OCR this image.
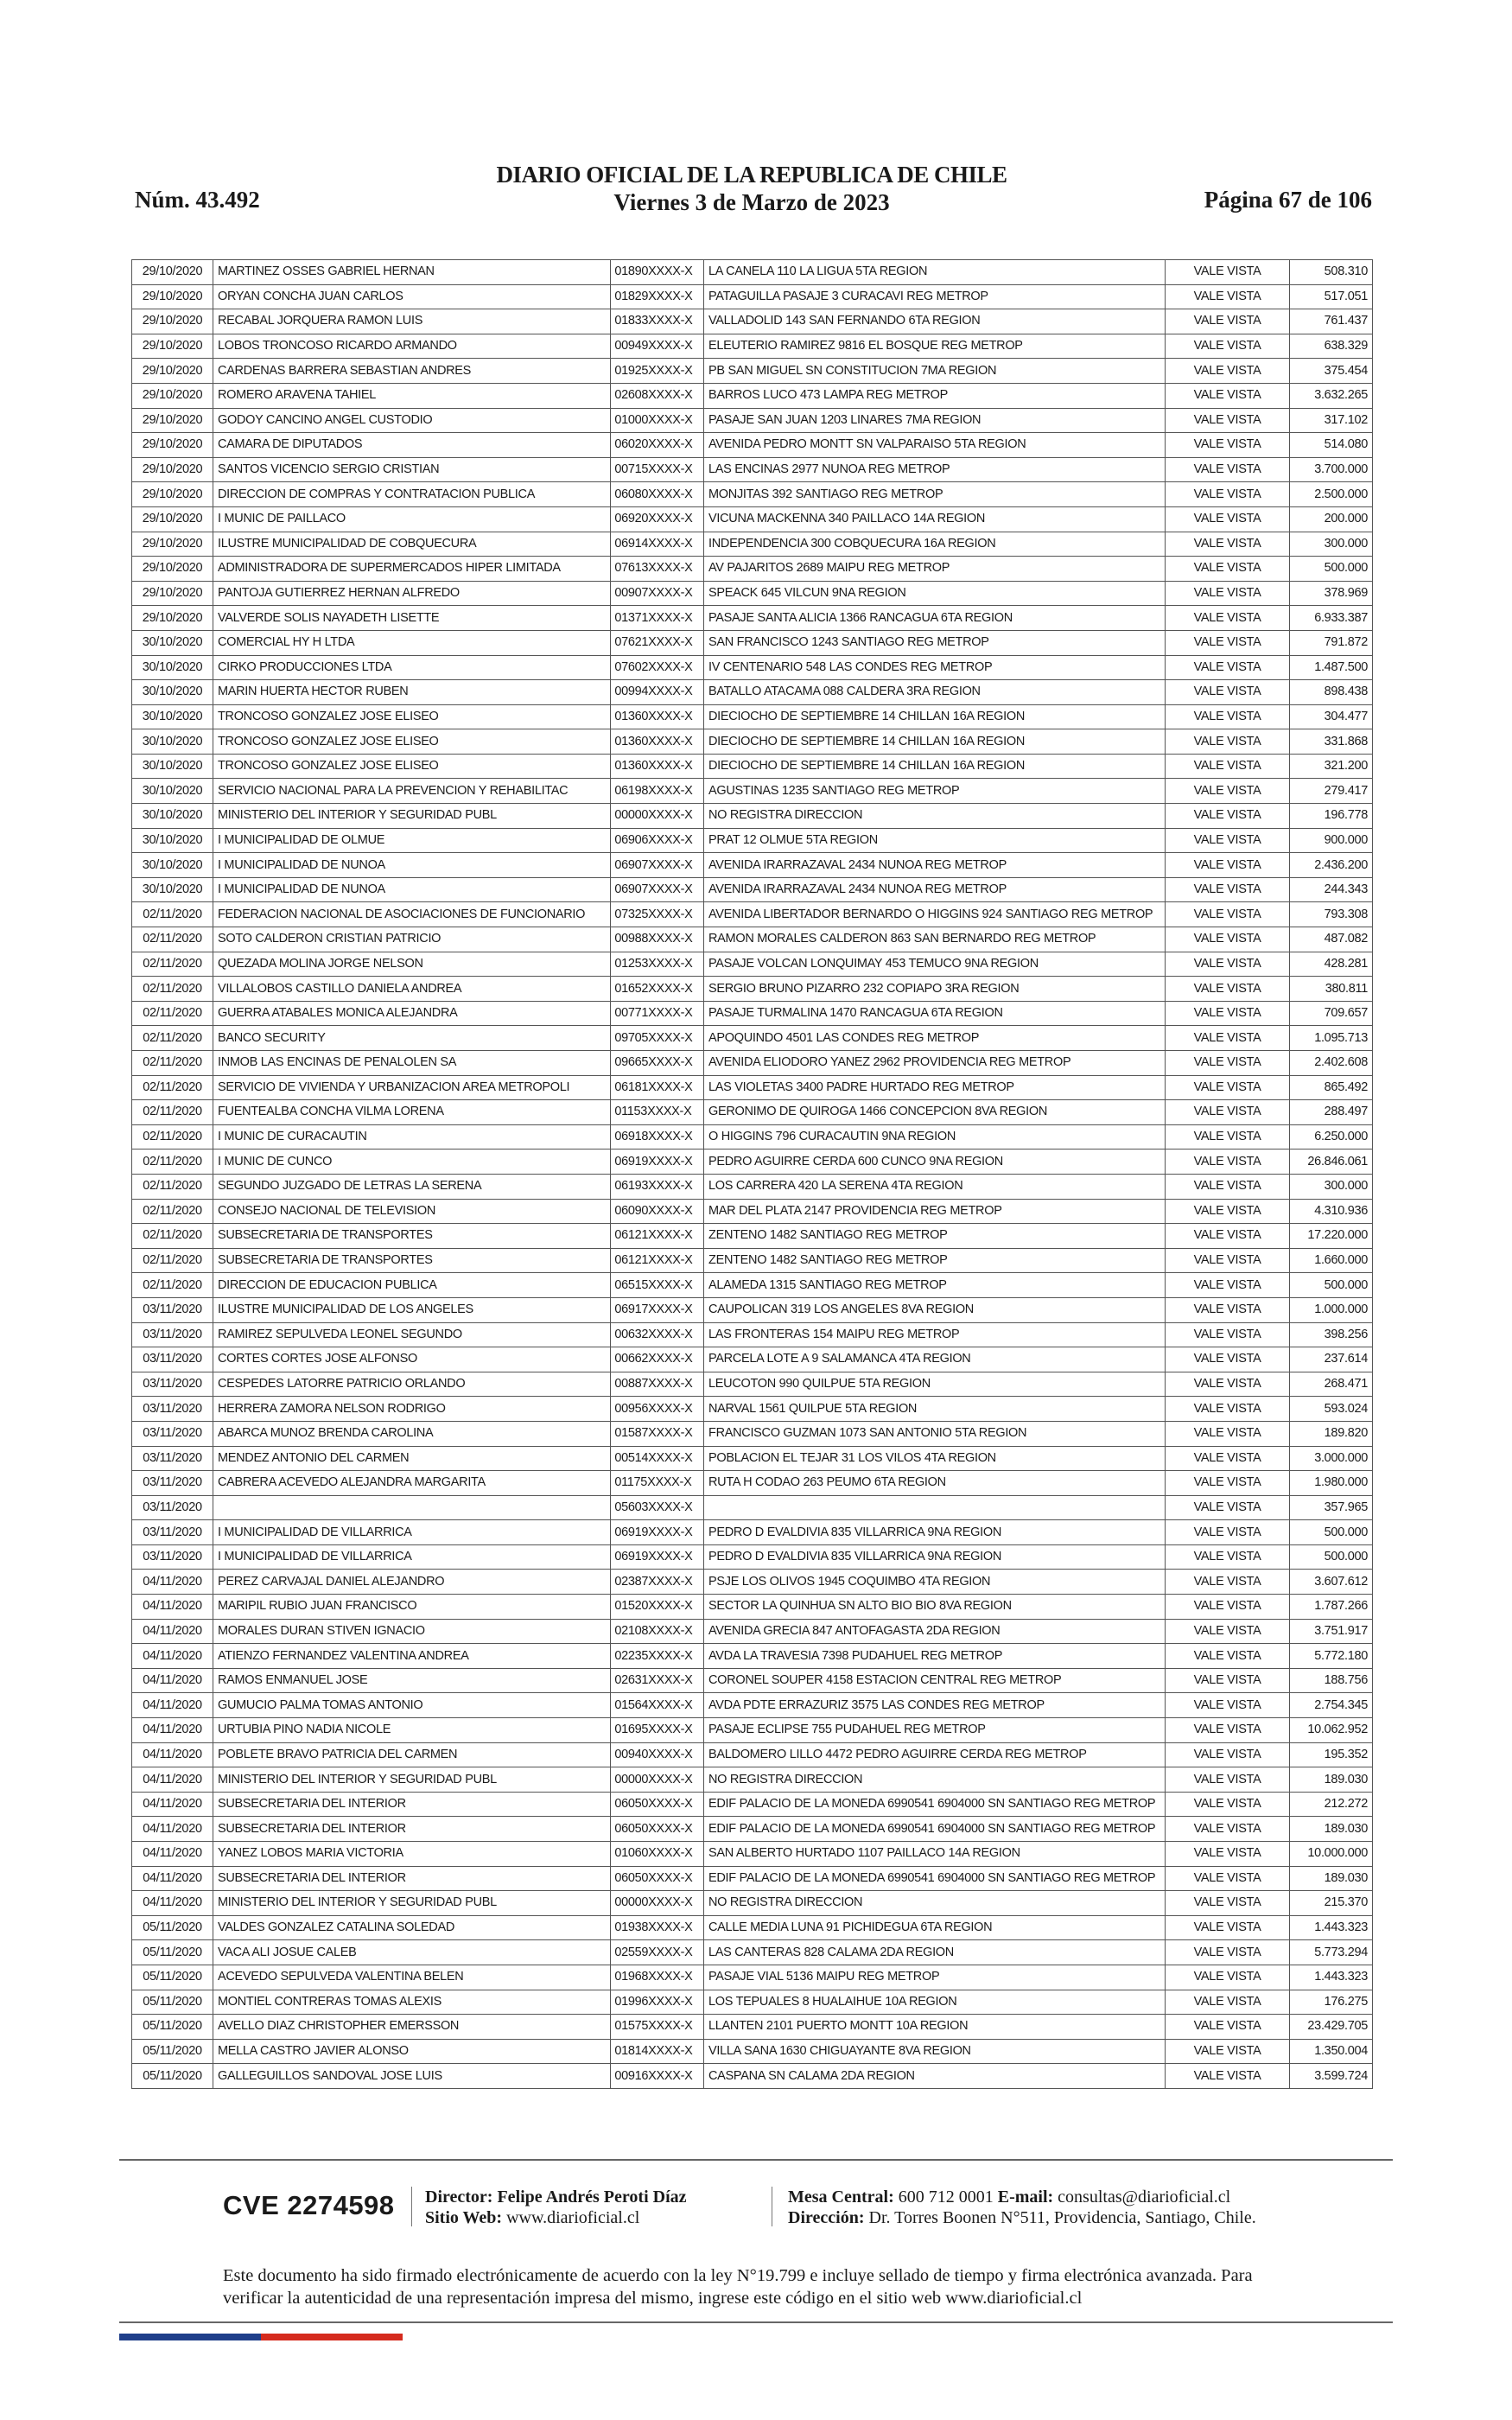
Núm. 43.492
DIARIO OFICIAL DE LA REPUBLICA DE CHILE
Viernes 3 de Marzo de 2023	Página 67 de 106
29/10/2020	MARTINEZ OSSES GABRIEL HERNAN	01890XXXX-X	LA CANELA 110 LA LIGUA 5TA REGION	VALE VISTA	508.310
29/10/2020	ORYAN CONCHA JUAN CARLOS	01829XXXX-X	PATAGUILLA PASAJE 3 CURACAVI REG METROP	VALE VISTA	517.051
29/10/2020	RECABAL JORQUERA RAMON LUIS	01833XXXX-X	VALLADOLID 143 SAN FERNANDO 6TA REGION	VALE VISTA	761.437
29/10/2020	LOBOS TRONCOSO RICARDO ARMANDO	00949XXXX-X	ELEUTERIO RAMIREZ 9816 EL BOSQUE REG METROP	VALE VISTA	638.329
29/10/2020	CARDENAS BARRERA SEBASTIAN ANDRES	01925XXXX-X	PB SAN MIGUEL SN CONSTITUCION 7MA REGION	VALE VISTA	375.454
29/10/2020	ROMERO ARAVENA TAHIEL	02608XXXX-X	BARROS LUCO 473 LAMPA REG METROP	VALE VISTA	3.632.265
29/10/2020	GODOY CANCINO ANGEL CUSTODIO	01000XXXX-X	PASAJE SAN JUAN 1203 LINARES 7MA REGION	VALE VISTA	317.102
29/10/2020	CAMARA DE DIPUTADOS	06020XXXX-X	AVENIDA PEDRO MONTT SN VALPARAISO 5TA REGION	VALE VISTA	514.080
29/10/2020	SANTOS VICENCIO SERGIO CRISTIAN	00715XXXX-X	LAS ENCINAS 2977 NUNOA REG METROP	VALE VISTA	3.700.000
29/10/2020	DIRECCION DE COMPRAS Y CONTRATACION PUBLICA	06080XXXX-X	MONJITAS 392 SANTIAGO REG METROP	VALE VISTA	2.500.000
29/10/2020	I MUNIC DE PAILLACO	06920XXXX-X	VICUNA MACKENNA 340 PAILLACO 14A REGION	VALE VISTA	200.000
29/10/2020	ILUSTRE MUNICIPALIDAD DE COBQUECURA	06914XXXX-X	INDEPENDENCIA 300 COBQUECURA 16A REGION	VALE VISTA	300.000
29/10/2020	ADMINISTRADORA DE SUPERMERCADOS HIPER LIMITADA	07613XXXX-X	AV PAJARITOS 2689 MAIPU REG METROP	VALE VISTA	500.000
29/10/2020	PANTOJA GUTIERREZ HERNAN ALFREDO	00907XXXX-X	SPEACK 645 VILCUN 9NA REGION	VALE VISTA	378.969
29/10/2020	VALVERDE SOLIS NAYADETH LISETTE	01371XXXX-X	PASAJE SANTA ALICIA 1366 RANCAGUA 6TA REGION	VALE VISTA	6.933.387
30/10/2020	COMERCIAL HY H LTDA	07621XXXX-X	SAN FRANCISCO 1243 SANTIAGO REG METROP	VALE VISTA	791.872
30/10/2020	CIRKO PRODUCCIONES LTDA	07602XXXX-X	IV CENTENARIO 548 LAS CONDES REG METROP	VALE VISTA	1.487.500
30/10/2020	MARIN HUERTA HECTOR RUBEN	00994XXXX-X	BATALLO ATACAMA 088 CALDERA 3RA REGION	VALE VISTA	898.438
30/10/2020	TRONCOSO GONZALEZ JOSE ELISEO	01360XXXX-X	DIECIOCHO DE SEPTIEMBRE 14 CHILLAN 16A REGION	VALE VISTA	304.477
30/10/2020	TRONCOSO GONZALEZ JOSE ELISEO	01360XXXX-X	DIECIOCHO DE SEPTIEMBRE 14 CHILLAN 16A REGION	VALE VISTA	331.868
30/10/2020	TRONCOSO GONZALEZ JOSE ELISEO	01360XXXX-X	DIECIOCHO DE SEPTIEMBRE 14 CHILLAN 16A REGION	VALE VISTA	321.200
30/10/2020	SERVICIO NACIONAL PARA LA PREVENCION Y REHABILITAC	06198XXXX-X	AGUSTINAS 1235 SANTIAGO REG METROP	VALE VISTA	279.417
30/10/2020	MINISTERIO DEL INTERIOR Y SEGURIDAD PUBL	00000XXXX-X	NO REGISTRA DIRECCION	VALE VISTA	196.778
30/10/2020	I MUNICIPALIDAD DE OLMUE	06906XXXX-X	PRAT 12 OLMUE 5TA REGION	VALE VISTA	900.000
30/10/2020	I MUNICIPALIDAD DE NUNOA	06907XXXX-X	AVENIDA IRARRAZAVAL 2434 NUNOA REG METROP	VALE VISTA	2.436.200
30/10/2020	I MUNICIPALIDAD DE NUNOA	06907XXXX-X	AVENIDA IRARRAZAVAL 2434 NUNOA REG METROP	VALE VISTA	244.343
02/11/2020	FEDERACION NACIONAL DE ASOCIACIONES DE FUNCIONARIO	07325XXXX-X	AVENIDA LIBERTADOR BERNARDO O HIGGINS 924 SANTIAGO REG METROP	VALE VISTA	793.308
02/11/2020	SOTO CALDERON CRISTIAN PATRICIO	00988XXXX-X	RAMON MORALES CALDERON 863 SAN BERNARDO REG METROP	VALE VISTA	487.082
02/11/2020	QUEZADA MOLINA JORGE NELSON	01253XXXX-X	PASAJE VOLCAN LONQUIMAY 453 TEMUCO 9NA REGION	VALE VISTA	428.281
02/11/2020	VILLALOBOS CASTILLO DANIELA ANDREA	01652XXXX-X	SERGIO BRUNO PIZARRO 232 COPIAPO 3RA REGION	VALE VISTA	380.811
02/11/2020	GUERRA ATABALES MONICA ALEJANDRA	00771XXXX-X	PASAJE TURMALINA 1470 RANCAGUA 6TA REGION	VALE VISTA	709.657
02/11/2020	BANCO SECURITY	09705XXXX-X	APOQUINDO 4501 LAS CONDES REG METROP	VALE VISTA	1.095.713
02/11/2020	INMOB LAS ENCINAS DE PENALOLEN SA	09665XXXX-X	AVENIDA ELIODORO YANEZ 2962 PROVIDENCIA REG METROP	VALE VISTA	2.402.608
02/11/2020	SERVICIO DE VIVIENDA Y URBANIZACION AREA METROPOLI	06181XXXX-X	LAS VIOLETAS 3400 PADRE HURTADO REG METROP	VALE VISTA	865.492
02/11/2020	FUENTEALBA CONCHA VILMA LORENA	01153XXXX-X	GERONIMO DE QUIROGA 1466 CONCEPCION 8VA REGION	VALE VISTA	288.497
02/11/2020	I MUNIC DE CURACAUTIN	06918XXXX-X	O HIGGINS 796 CURACAUTIN 9NA REGION	VALE VISTA	6.250.000
02/11/2020	I MUNIC DE CUNCO	06919XXXX-X	PEDRO AGUIRRE CERDA 600 CUNCO 9NA REGION	VALE VISTA	26.846.061
02/11/2020	SEGUNDO JUZGADO DE LETRAS LA SERENA	06193XXXX-X	LOS CARRERA 420 LA SERENA 4TA REGION	VALE VISTA	300.000
02/11/2020	CONSEJO NACIONAL DE TELEVISION	06090XXXX-X	MAR DEL PLATA 2147 PROVIDENCIA REG METROP	VALE VISTA	4.310.936
02/11/2020	SUBSECRETARIA DE TRANSPORTES	06121XXXX-X	ZENTENO 1482 SANTIAGO REG METROP	VALE VISTA	17.220.000
02/11/2020	SUBSECRETARIA DE TRANSPORTES	06121XXXX-X	ZENTENO 1482 SANTIAGO REG METROP	VALE VISTA	1.660.000
02/11/2020	DIRECCION DE EDUCACION PUBLICA	06515XXXX-X	ALAMEDA 1315 SANTIAGO REG METROP	VALE VISTA	500.000
03/11/2020	ILUSTRE MUNICIPALIDAD DE LOS ANGELES	06917XXXX-X	CAUPOLICAN 319 LOS ANGELES 8VA REGION	VALE VISTA	1.000.000
03/11/2020	RAMIREZ SEPULVEDA LEONEL SEGUNDO	00632XXXX-X	LAS FRONTERAS 154 MAIPU REG METROP	VALE VISTA	398.256
03/11/2020	CORTES CORTES JOSE ALFONSO	00662XXXX-X	PARCELA LOTE A 9 SALAMANCA 4TA REGION	VALE VISTA	237.614
03/11/2020	CESPEDES LATORRE PATRICIO ORLANDO	00887XXXX-X	LEUCOTON 990 QUILPUE 5TA REGION	VALE VISTA	268.471
03/11/2020	HERRERA ZAMORA NELSON RODRIGO	00956XXXX-X	NARVAL 1561 QUILPUE 5TA REGION	VALE VISTA	593.024
03/11/2020	ABARCA MUNOZ BRENDA CAROLINA	01587XXXX-X	FRANCISCO GUZMAN 1073 SAN ANTONIO 5TA REGION	VALE VISTA	189.820
03/11/2020	MENDEZ ANTONIO DEL CARMEN	00514XXXX-X	POBLACION EL TEJAR 31 LOS VILOS 4TA REGION	VALE VISTA	3.000.000
03/11/2020	CABRERA ACEVEDO ALEJANDRA MARGARITA	01175XXXX-X	RUTA H CODAO 263 PEUMO 6TA REGION	VALE VISTA	1.980.000
03/11/2020		05603XXXX-X		VALE VISTA	357.965
03/11/2020	I MUNICIPALIDAD DE VILLARRICA	06919XXXX-X	PEDRO D EVALDIVIA 835 VILLARRICA 9NA REGION	VALE VISTA	500.000
03/11/2020	I MUNICIPALIDAD DE VILLARRICA	06919XXXX-X	PEDRO D EVALDIVIA 835 VILLARRICA 9NA REGION	VALE VISTA	500.000
04/11/2020	PEREZ CARVAJAL DANIEL ALEJANDRO	02387XXXX-X	PSJE LOS OLIVOS 1945 COQUIMBO 4TA REGION	VALE VISTA	3.607.612
04/11/2020	MARIPIL RUBIO JUAN FRANCISCO	01520XXXX-X	SECTOR LA QUINHUA SN ALTO BIO BIO 8VA REGION	VALE VISTA	1.787.266
04/11/2020	MORALES DURAN STIVEN IGNACIO	02108XXXX-X	AVENIDA GRECIA 847 ANTOFAGASTA 2DA REGION	VALE VISTA	3.751.917
04/11/2020	ATIENZO FERNANDEZ VALENTINA ANDREA	02235XXXX-X	AVDA LA TRAVESIA 7398 PUDAHUEL REG METROP	VALE VISTA	5.772.180
04/11/2020	RAMOS ENMANUEL JOSE	02631XXXX-X	CORONEL SOUPER 4158 ESTACION CENTRAL REG METROP	VALE VISTA	188.756
04/11/2020	GUMUCIO PALMA TOMAS ANTONIO	01564XXXX-X	AVDA PDTE ERRAZURIZ 3575 LAS CONDES REG METROP	VALE VISTA	2.754.345
04/11/2020	URTUBIA PINO NADIA NICOLE	01695XXXX-X	PASAJE ECLIPSE 755 PUDAHUEL REG METROP	VALE VISTA	10.062.952
04/11/2020	POBLETE BRAVO PATRICIA DEL CARMEN	00940XXXX-X	BALDOMERO LILLO 4472 PEDRO AGUIRRE CERDA REG METROP	VALE VISTA	195.352
04/11/2020	MINISTERIO DEL INTERIOR Y SEGURIDAD PUBL	00000XXXX-X	NO REGISTRA DIRECCION	VALE VISTA	189.030
04/11/2020	SUBSECRETARIA DEL INTERIOR	06050XXXX-X	EDIF PALACIO DE LA MONEDA 6990541 6904000 SN SANTIAGO REG METROP	VALE VISTA	212.272
04/11/2020	SUBSECRETARIA DEL INTERIOR	06050XXXX-X	EDIF PALACIO DE LA MONEDA 6990541 6904000 SN SANTIAGO REG METROP	VALE VISTA	189.030
04/11/2020	YANEZ LOBOS MARIA VICTORIA	01060XXXX-X	SAN ALBERTO HURTADO 1107 PAILLACO 14A REGION	VALE VISTA	10.000.000
04/11/2020	SUBSECRETARIA DEL INTERIOR	06050XXXX-X	EDIF PALACIO DE LA MONEDA 6990541 6904000 SN SANTIAGO REG METROP	VALE VISTA	189.030
04/11/2020	MINISTERIO DEL INTERIOR Y SEGURIDAD PUBL	00000XXXX-X	NO REGISTRA DIRECCION	VALE VISTA	215.370
05/11/2020	VALDES GONZALEZ CATALINA SOLEDAD	01938XXXX-X	CALLE MEDIA LUNA 91 PICHIDEGUA 6TA REGION	VALE VISTA	1.443.323
05/11/2020	VACA ALI JOSUE CALEB	02559XXXX-X	LAS CANTERAS 828 CALAMA 2DA REGION	VALE VISTA	5.773.294
05/11/2020	ACEVEDO SEPULVEDA VALENTINA BELEN	01968XXXX-X	PASAJE VIAL 5136 MAIPU REG METROP	VALE VISTA	1.443.323
05/11/2020	MONTIEL CONTRERAS TOMAS ALEXIS	01996XXXX-X	LOS TEPUALES 8 HUALAIHUE 10A REGION	VALE VISTA	176.275
05/11/2020	AVELLO DIAZ CHRISTOPHER EMERSSON	01575XXXX-X	LLANTEN 2101 PUERTO MONTT 10A REGION	VALE VISTA	23.429.705
05/11/2020	MELLA CASTRO JAVIER ALONSO	01814XXXX-X	VILLA SANA 1630 CHIGUAYANTE 8VA REGION	VALE VISTA	1.350.004
05/11/2020	GALLEGUILLOS SANDOVAL JOSE LUIS	00916XXXX-X	CASPANA SN CALAMA 2DA REGION	VALE VISTA	3.599.724
CVE 2274598 Director: Felipe Andrés Peroti Díaz
Sitio Web: www.diarioficial.cl
Mesa Central: 600 712 0001 E-mail: consultas@diarioficial.cl
Dirección: Dr. Torres Boonen N°511, Providencia, Santiago, Chile.
Este documento ha sido firmado electrónicamente de acuerdo con la ley N°19.799 e incluye sellado de tiempo y firma electrónica avanzada. Para verificar la autenticidad de una representación impresa del mismo, ingrese este código en el sitio web www.diarioficial.cl
